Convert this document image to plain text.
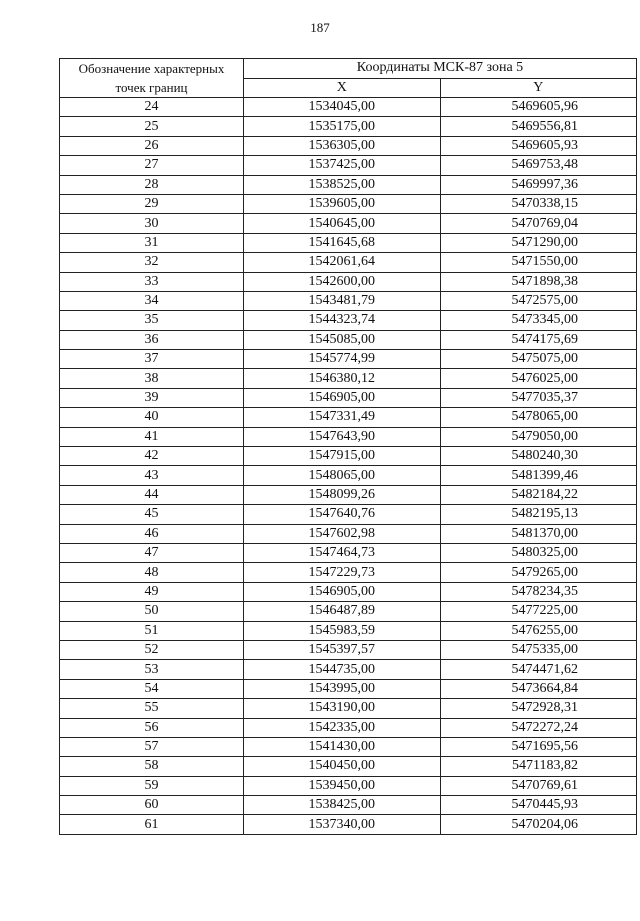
187
Обозначение характерных
точек границ	Координаты МСК-87 зона 5	
	X	Y
24	1534045,00	5469605,96
25	1535175,00	5469556,81
26	1536305,00	5469605,93
27	1537425,00	5469753,48
28	1538525,00	5469997,36
29	1539605,00	5470338,15
30	1540645,00	5470769,04
31	1541645,68	5471290,00
32	1542061,64	5471550,00
33	1542600,00	5471898,38
34	1543481,79	5472575,00
35	1544323,74	5473345,00
36	1545085,00	5474175,69
37	1545774,99	5475075,00
38	1546380,12	5476025,00
39	1546905,00	5477035,37
40	1547331,49	5478065,00
41	1547643,90	5479050,00
42	1547915,00	5480240,30
43	1548065,00	5481399,46
44	1548099,26	5482184,22
45	1547640,76	5482195,13
46	1547602,98	5481370,00
47	1547464,73	5480325,00
48	1547229,73	5479265,00
49	1546905,00	5478234,35
50	1546487,89	5477225,00
51	1545983,59	5476255,00
52	1545397,57	5475335,00
53	1544735,00	5474471,62
54	1543995,00	5473664,84
55	1543190,00	5472928,31
56	1542335,00	5472272,24
57	1541430,00	5471695,56
58	1540450,00	5471183,82
59	1539450,00	5470769,61
60	1538425,00	5470445,93
61	1537340,00	5470204,06
